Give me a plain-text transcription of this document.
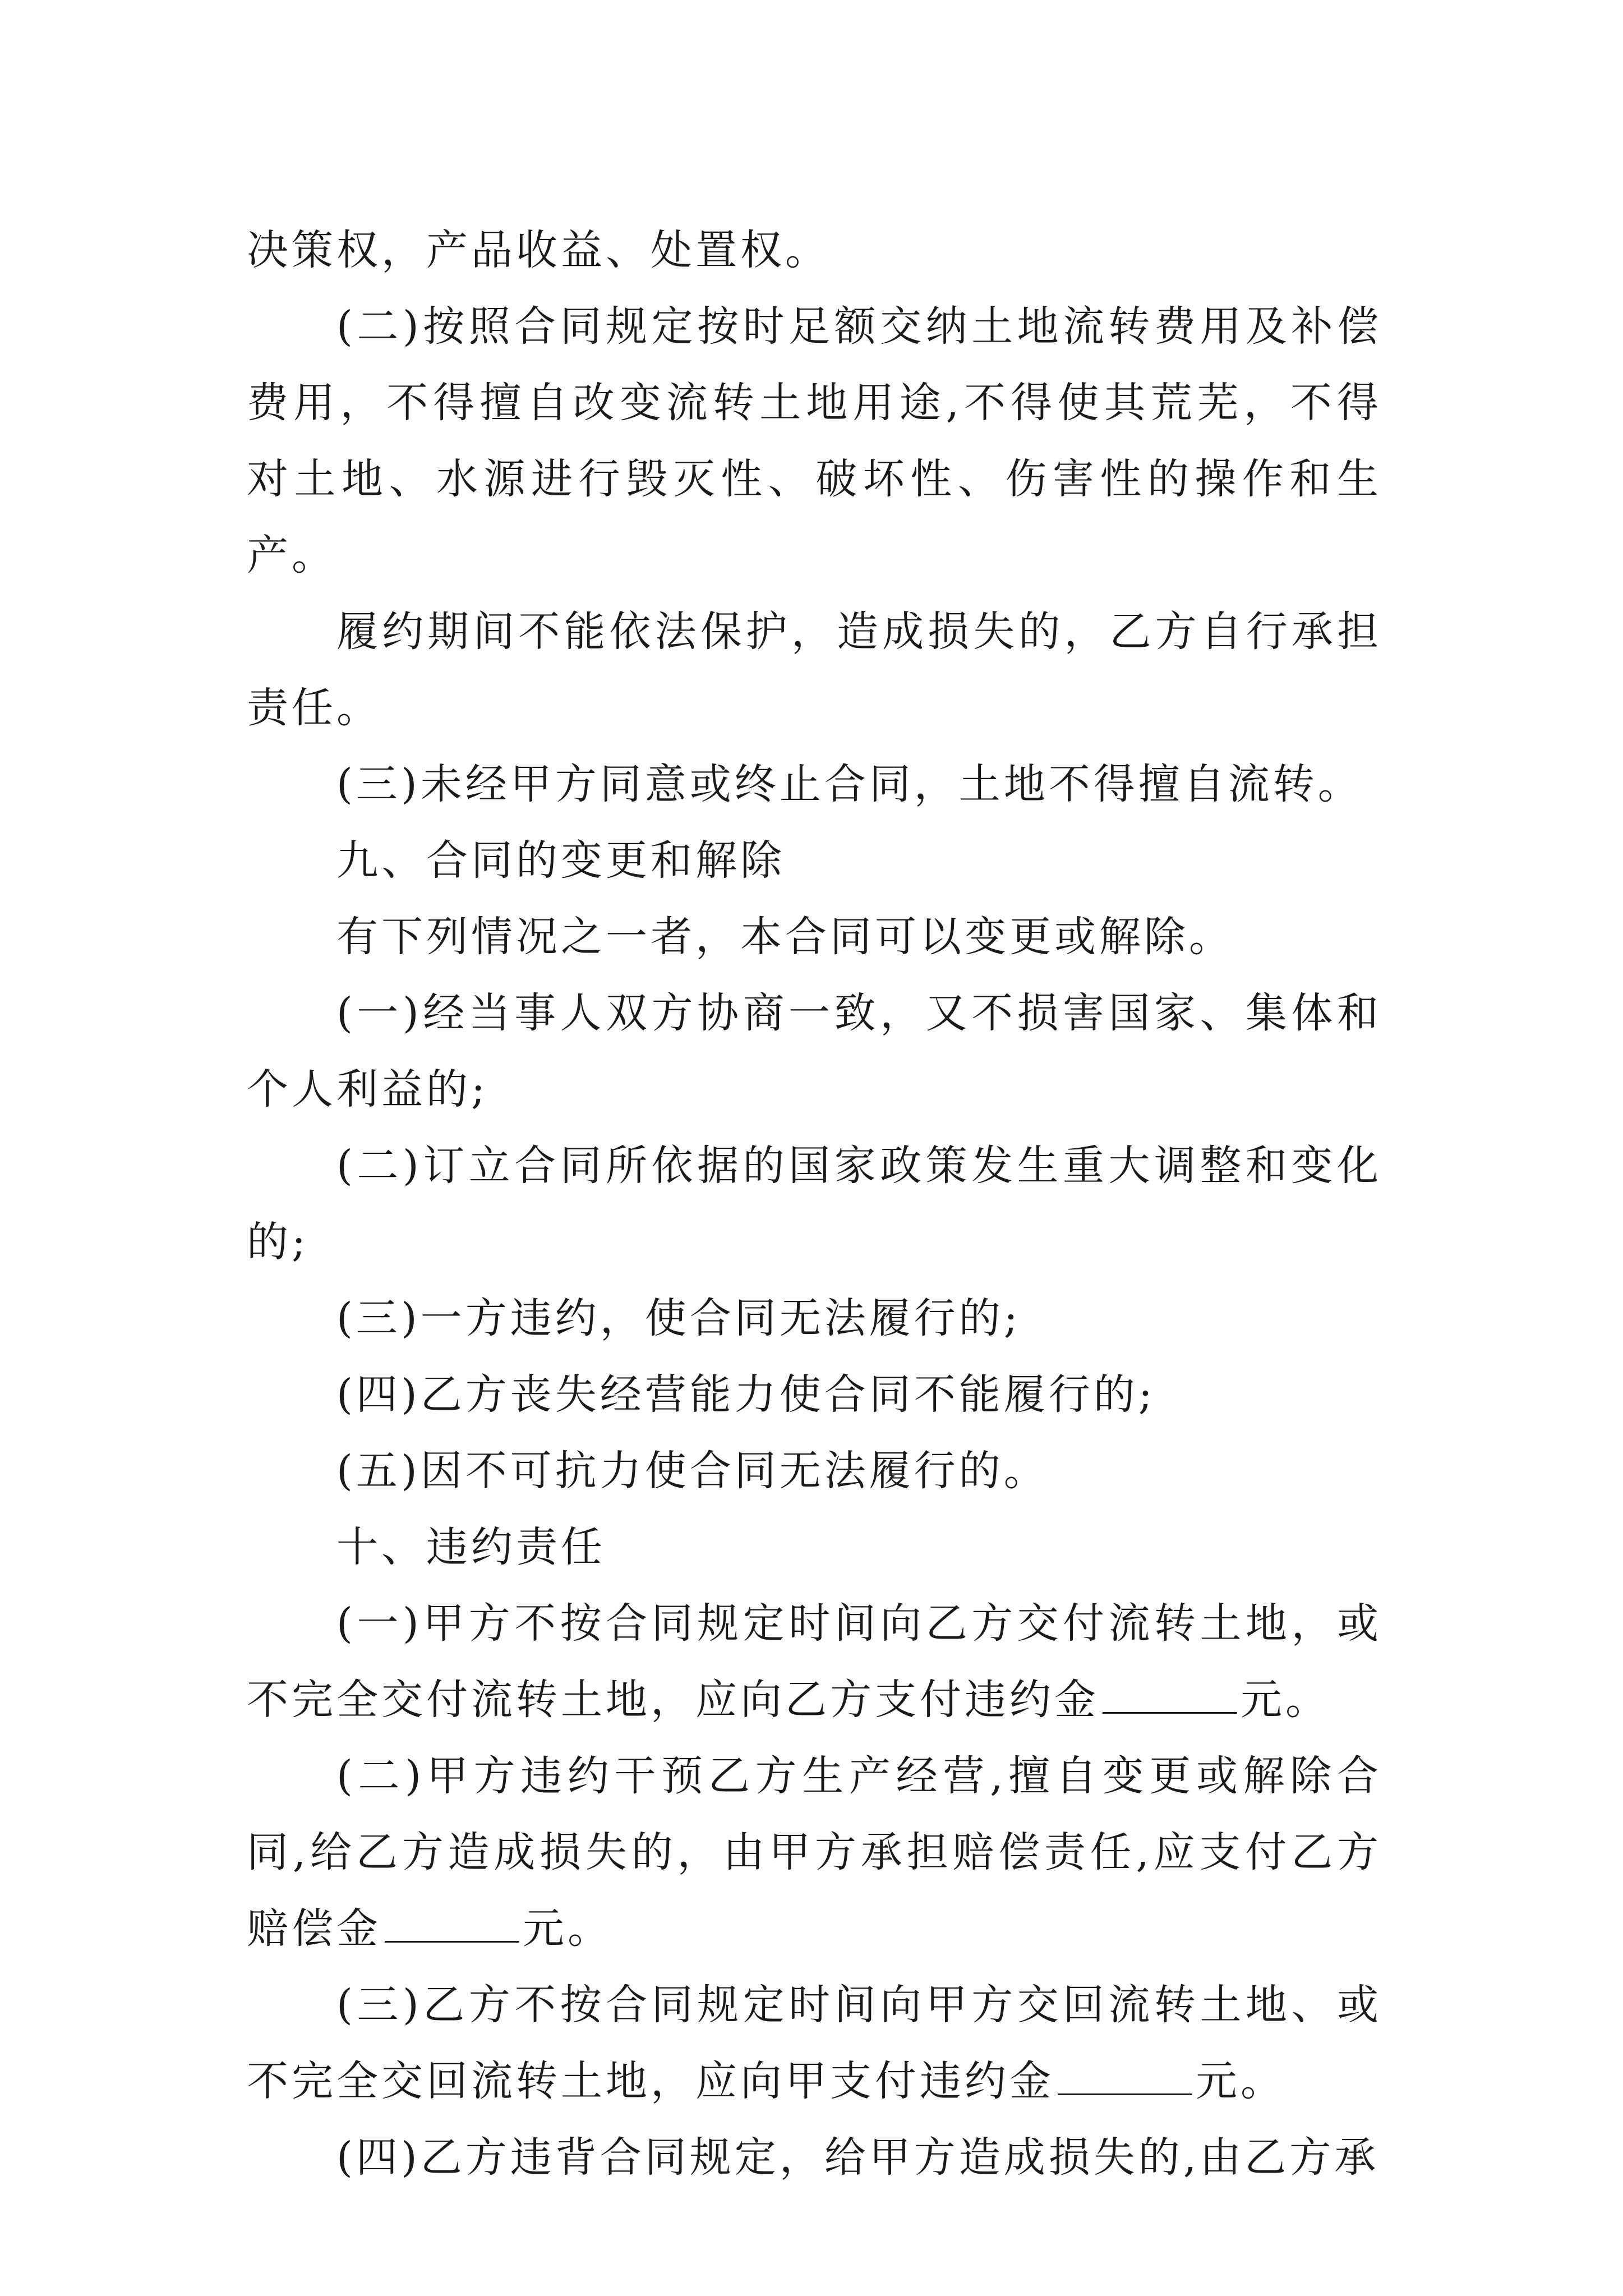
决策权，产品收益、处置权。

(二)按照合同规定按时足额交纳土地流转费用及补偿费用，不得擅自改变流转土地用途,不得使其荒芜，不得对土地、水源进行毁灭性、破坏性、伤害性的操作和生产。

履约期间不能依法保护，造成损失的，乙方自行承担责任。

(三)未经甲方同意或终止合同，土地不得擅自流转。

九、合同的变更和解除

有下列情况之一者，本合同可以变更或解除。

(一)经当事人双方协商一致，又不损害国家、集体和个人利益的;

(二)订立合同所依据的国家政策发生重大调整和变化的;

(三)一方违约，使合同无法履行的;

(四)乙方丧失经营能力使合同不能履行的;

(五)因不可抗力使合同无法履行的。

十、违约责任

(一)甲方不按合同规定时间向乙方交付流转土地，或不完全交付流转土地，应向乙方支付违约金	元。

(二)甲方违约干预乙方生产经营,擅自变更或解除合同,给乙方造成损失的，由甲方承担赔偿责任,应支付乙方赔偿金	元。

(三)乙方不按合同规定时间向甲方交回流转土地、或不完全交回流转土地，应向甲支付违约金	元。

(四)乙方违背合同规定，给甲方造成损失的,由乙方承
